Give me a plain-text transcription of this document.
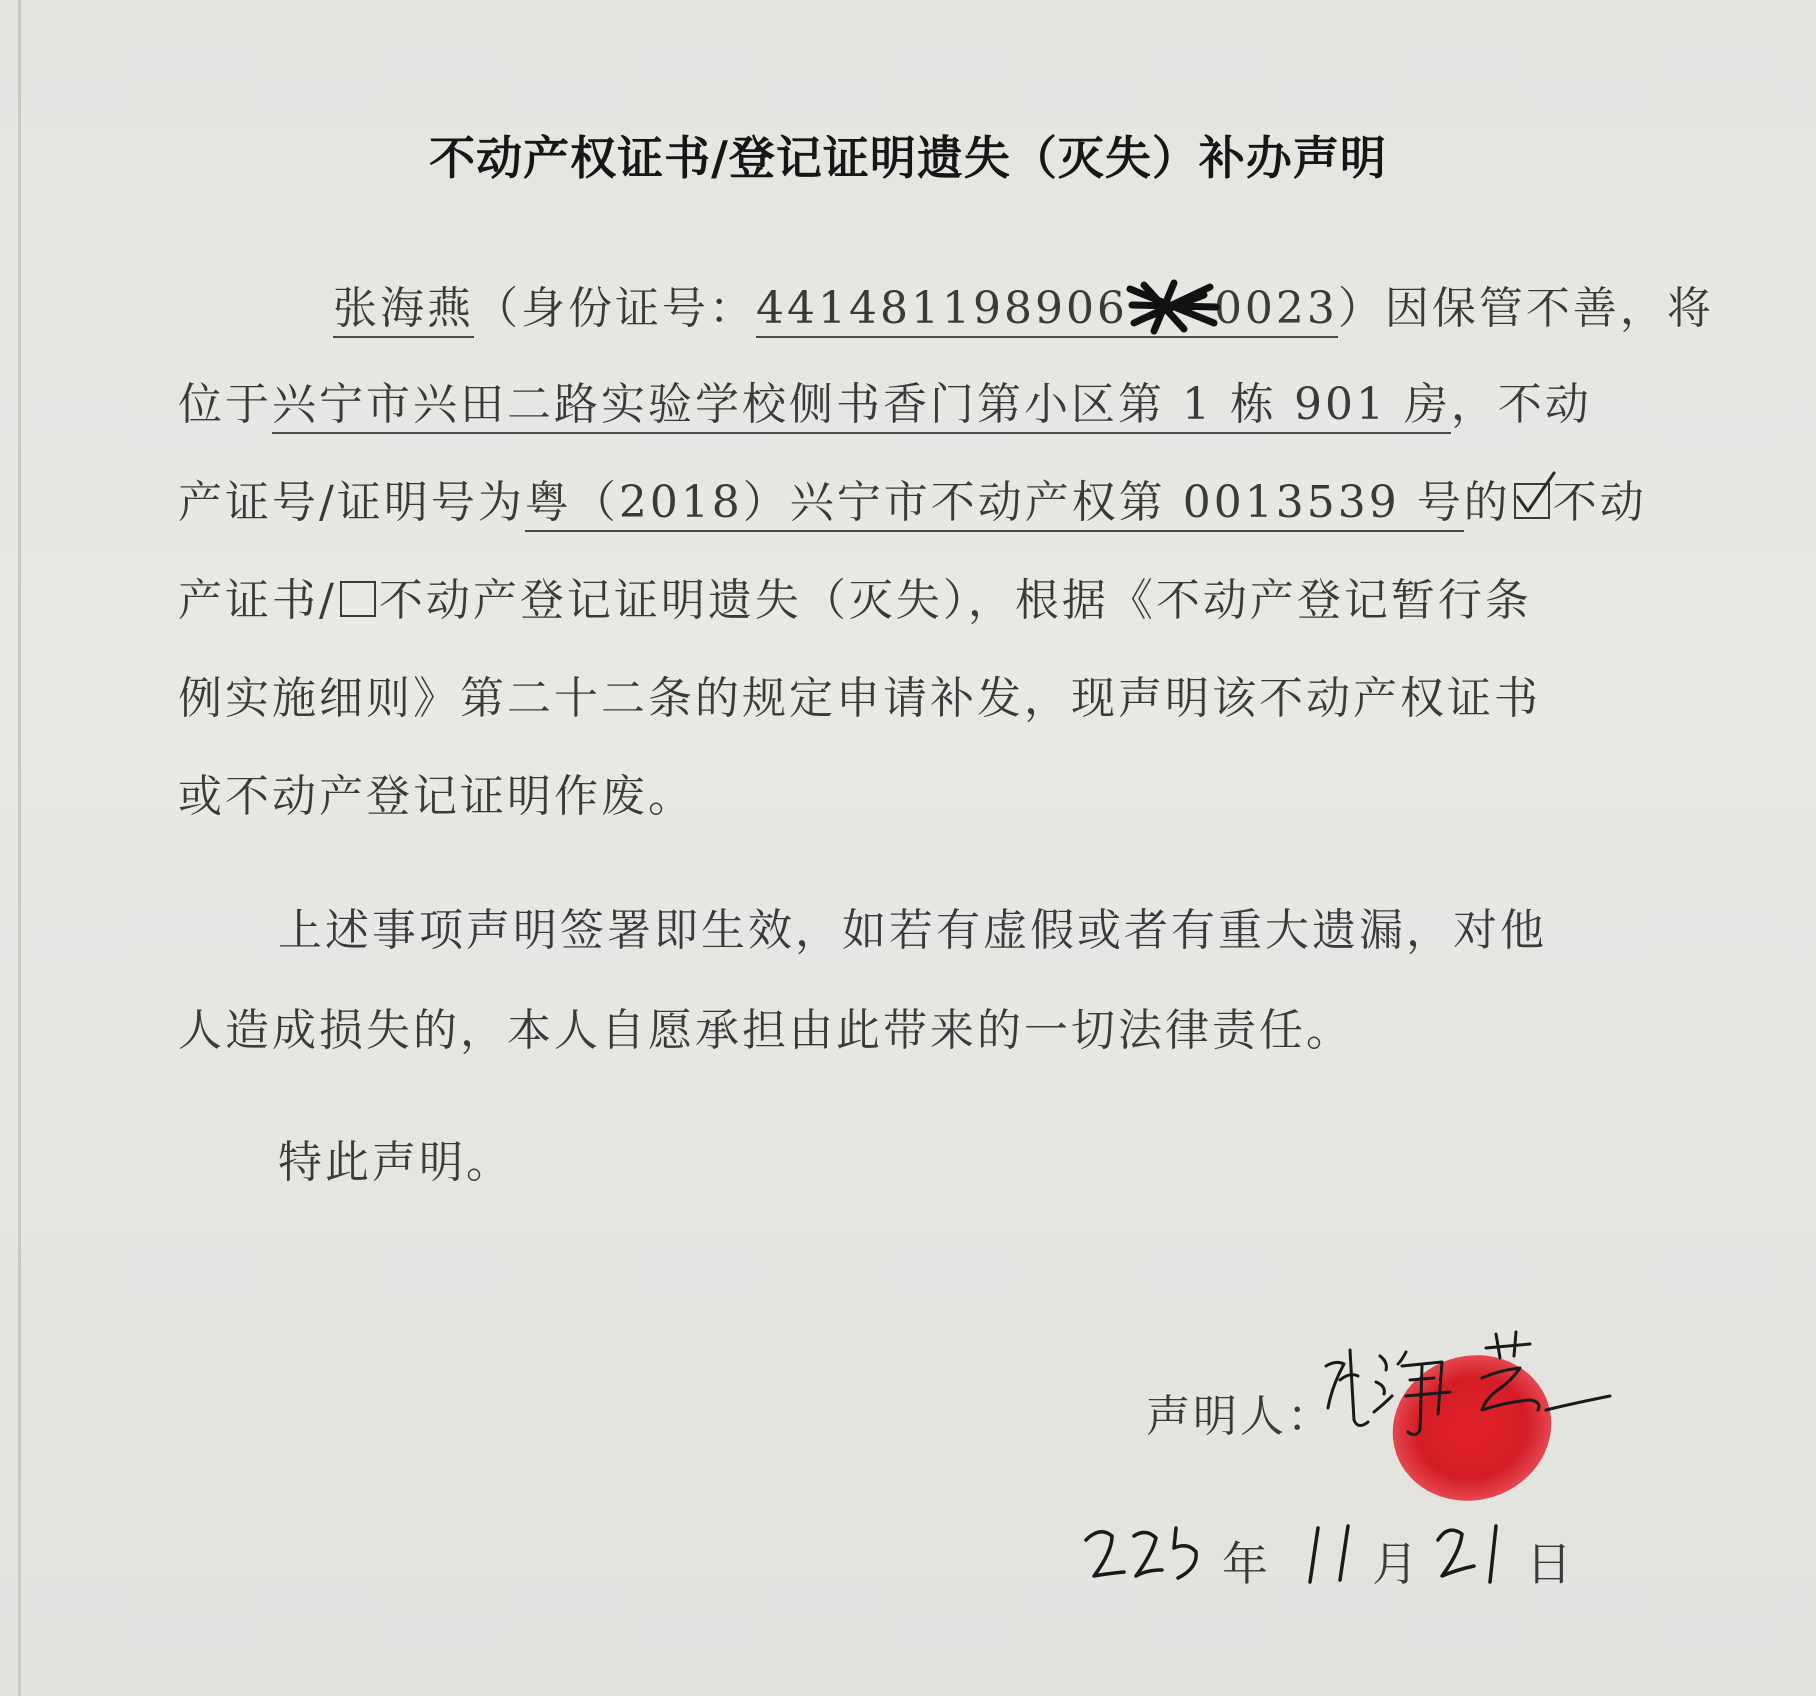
不动产权证书/登记证明遗失（灭失）补办声明
张海燕（身份证号：441481198906 0023）因保管不善，将
位于兴宁市兴田二路实验学校侧书香门第小区第 1 栋 901 房，不动
产证号/证明号为粤（2018）兴宁市不动产权第 0013539 号的 不动
产证书/ 不动产登记证明遗失（灭失），根据《不动产登记暂行条
例实施细则》第二十二条的规定申请补发，现声明该不动产权证书
或不动产登记证明作废。
上述事项声明签署即生效，如若有虚假或者有重大遗漏，对他
人造成损失的，本人自愿承担由此带来的一切法律责任。
特此声明。
声明人：
年 月 日
